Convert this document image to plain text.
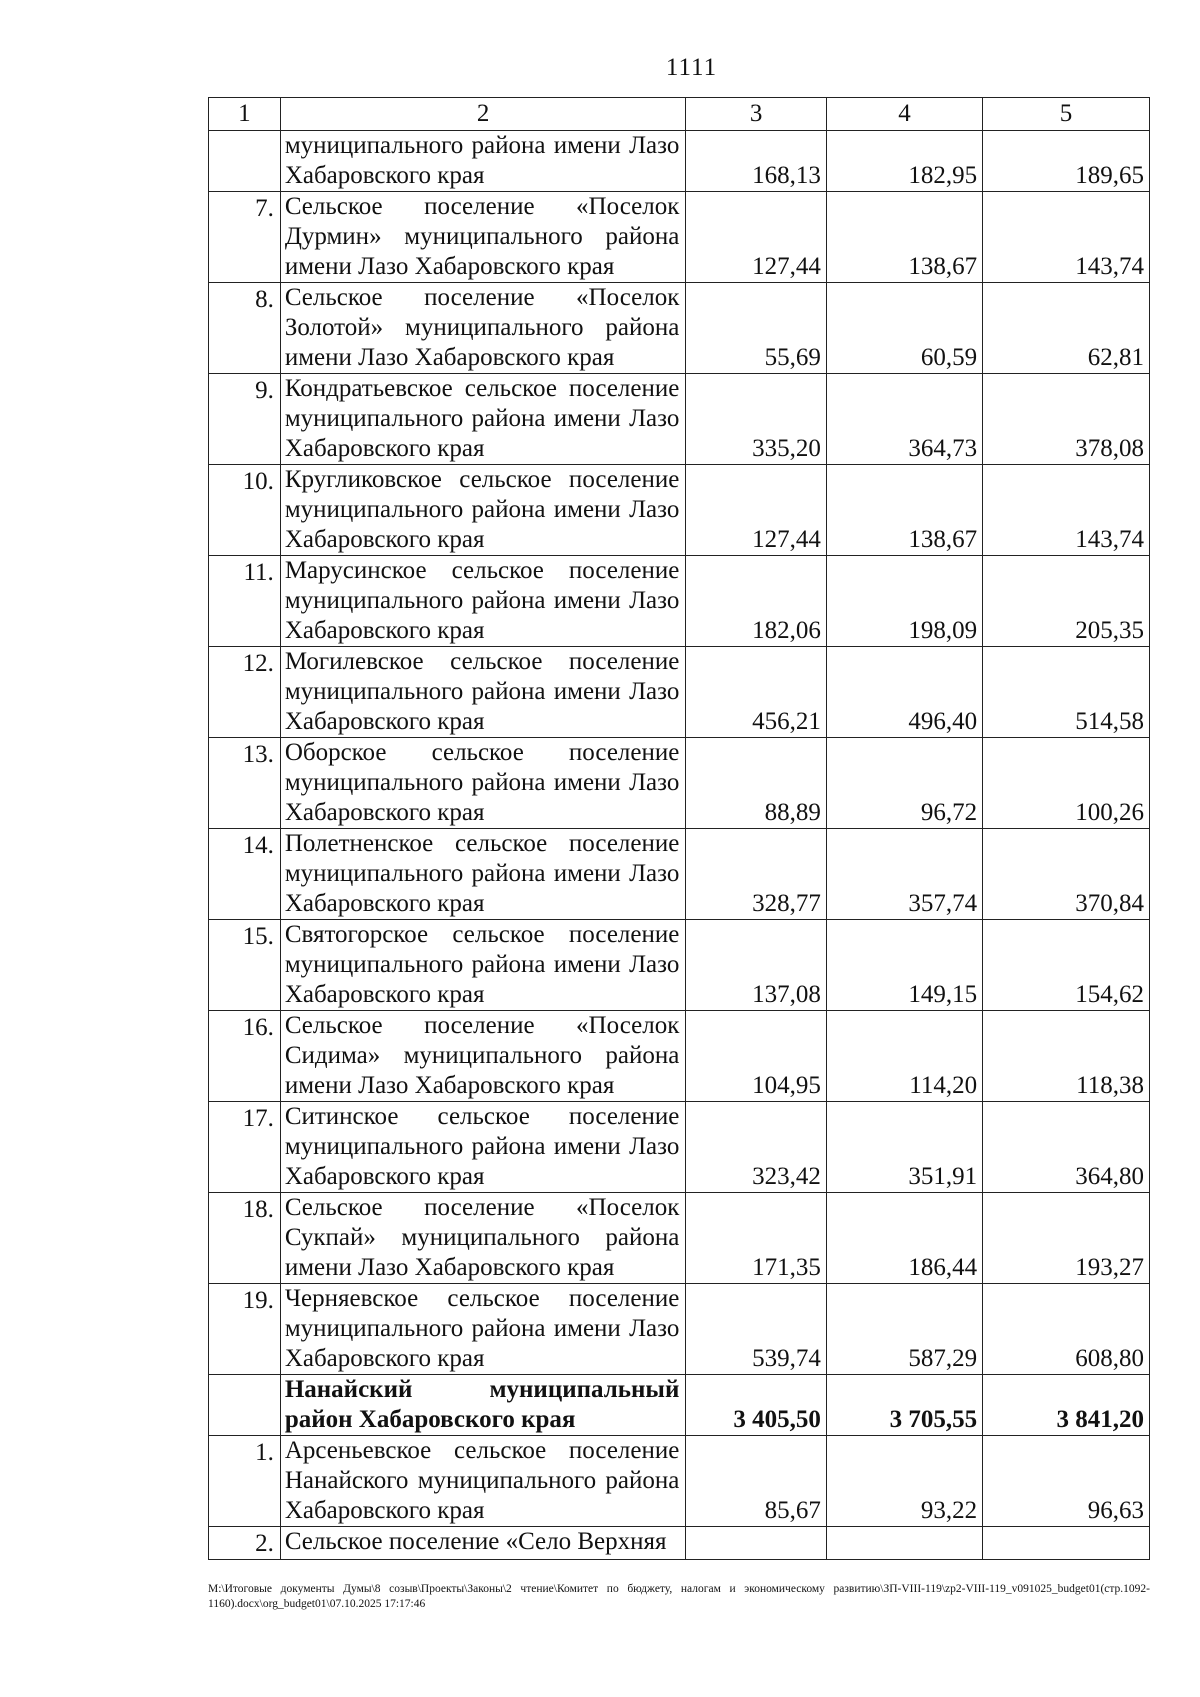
1111
1	2	3	4	5
	муниципального района имени Лазо Хабаровского края	168,13	182,95	189,65
7.	Сельское поселение «Поселок Дурмин» муниципального района имени Лазо Хабаровского края	127,44	138,67	143,74
8.	Сельское поселение «Поселок Золотой» муниципального района имени Лазо Хабаровского края	55,69	60,59	62,81
9.	Кондратьевское сельское поселение муниципального района имени Лазо Хабаровского края	335,20	364,73	378,08
10.	Кругликовское сельское поселение муниципального района имени Лазо Хабаровского края	127,44	138,67	143,74
11.	Марусинское сельское поселение муниципального района имени Лазо Хабаровского края	182,06	198,09	205,35
12.	Могилевское сельское поселение муниципального района имени Лазо Хабаровского края	456,21	496,40	514,58
13.	Оборское сельское поселение муниципального района имени Лазо Хабаровского края	88,89	96,72	100,26
14.	Полетненское сельское поселение муниципального района имени Лазо Хабаровского края	328,77	357,74	370,84
15.	Святогорское сельское поселение муниципального района имени Лазо Хабаровского края	137,08	149,15	154,62
16.	Сельское поселение «Поселок Сидима» муниципального района имени Лазо Хабаровского края	104,95	114,20	118,38
17.	Ситинское сельское поселение муниципального района имени Лазо Хабаровского края	323,42	351,91	364,80
18.	Сельское поселение «Поселок Сукпай» муниципального района имени Лазо Хабаровского края	171,35	186,44	193,27
19.	Черняевское сельское поселение муниципального района имени Лазо Хабаровского края	539,74	587,29	608,80
	Нанайский муниципальный район Хабаровского края	3 405,50	3 705,55	3 841,20
1.	Арсеньевское сельское поселение Нанайского муниципального района Хабаровского края	85,67	93,22	96,63
2.	Сельское поселение «Село Верхняя			
M:\Итоговые документы Думы\8 созыв\Проекты\Законы\2 чтение\Комитет по бюджету, налогам и экономическому развитию\ЗП-VIII-119\zp2-VIII-119_v091025_budget01(стр.1092-1160).docx\org_budget01\07.10.2025 17:17:46
